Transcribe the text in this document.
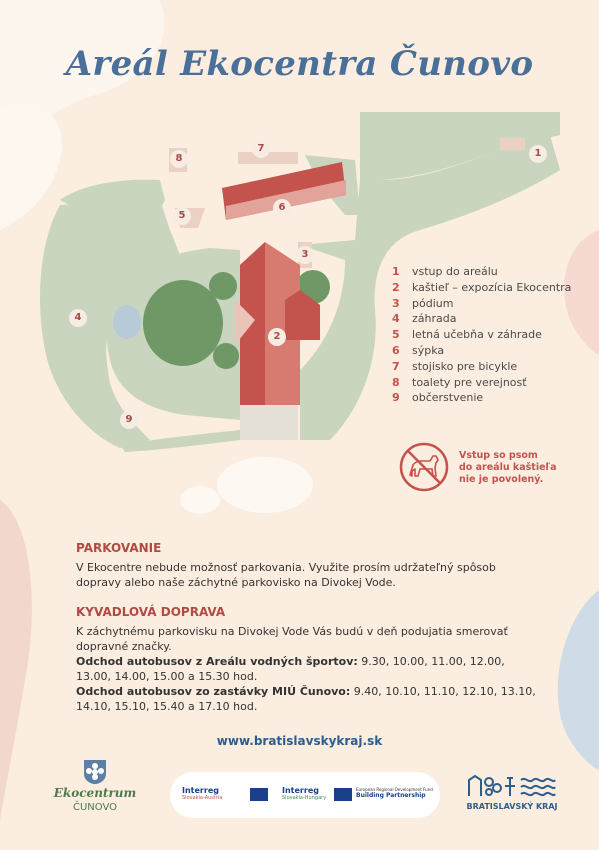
Areál Ekocentra Čunovo
1
2
3
4
5
6
7
8
9
1 vstup do areálu
2 kaštieľ – expozícia Ekocentra
3 pódium
4 záhrada
5 letná učebňa v záhrade
6 sýpka
7 stojisko pre bicykle
8 toalety pre verejnosť
9 občerstvenie
Vstup so psom
do areálu kaštieľa
nie je povolený.
PARKOVANIE
V Ekocentre nebude možnosť parkovania. Využite prosím udržateľný spôsob dopravy alebo naše záchytné parkovisko na Divokej Vode.
KYVADLOVÁ DOPRAVA
K záchytnému parkovisku na Divokej Vode Vás budú v deň podujatia smerovať dopravné značky.
Odchod autobusov z Areálu vodných športov: 9.30, 10.00, 11.00, 12.00, 13.00, 14.00, 15.00 a 15.30 hod.
Odchod autobusov zo zastávky MIÚ Čunovo: 9.40, 10.10, 11.10, 12.10, 13.10, 14.10, 15.10, 15.40 a 17.10 hod.
www.bratislavskykraj.sk
Ekocentrum
ČUNOVO
Interreg
Slovakia-Austria
Interreg
Slovakia-Hungary
European Regional Development Fund
Building Partnership
BRATISLAVSKÝ KRAJ
